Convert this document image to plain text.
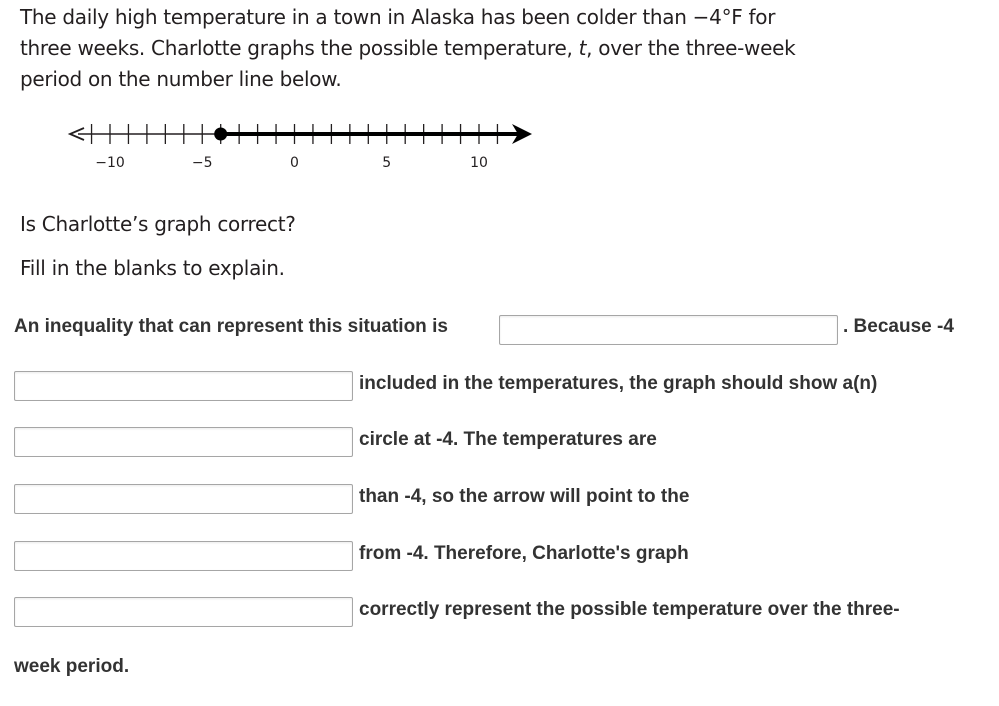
The daily high temperature in a town in Alaska has been colder than −4°F for
three weeks. Charlotte graphs the possible temperature, t, over the three-week
period on the number line below.
−10	−5	0	5	10
Is Charlotte’s graph correct?
Fill in the blanks to explain.
An inequality that can represent this situation is	. Because -4
included in the temperatures, the graph should show a(n)
circle at -4. The temperatures are
than -4, so the arrow will point to the
from -4. Therefore, Charlotte's graph
correctly represent the possible temperature over the three-
week period.
